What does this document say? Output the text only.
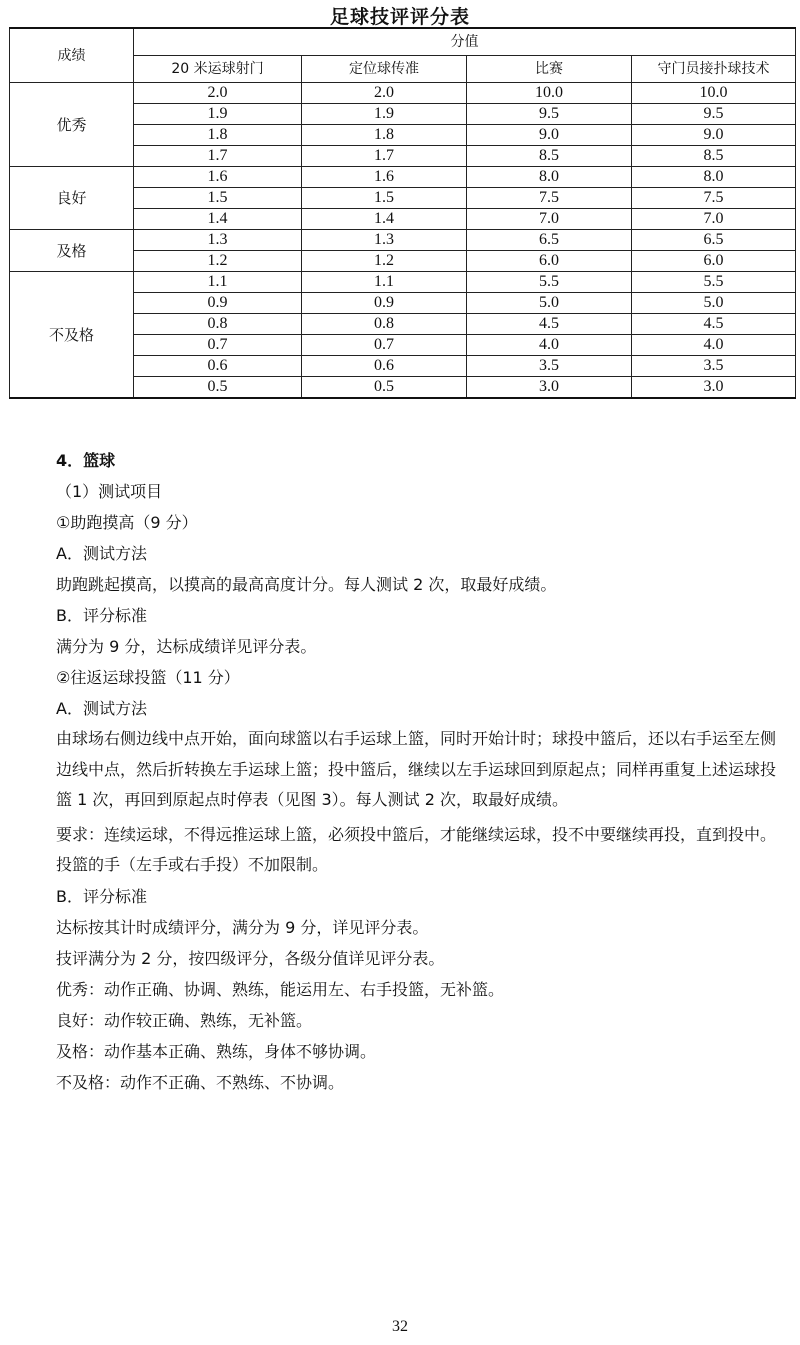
足球技评评分表
成绩	分值			
	20 米运球射门	定位球传准	比赛	守门员接扑球技术
优秀	2.0	2.0	10.0	10.0
	1.9	1.9	9.5	9.5
	1.8	1.8	9.0	9.0
	1.7	1.7	8.5	8.5
良好	1.6	1.6	8.0	8.0
	1.5	1.5	7.5	7.5
	1.4	1.4	7.0	7.0
及格	1.3	1.3	6.5	6.5
	1.2	1.2	6.0	6.0
不及格	1.1	1.1	5.5	5.5
	0.9	0.9	5.0	5.0
	0.8	0.8	4.5	4.5
	0.7	0.7	4.0	4.0
	0.6	0.6	3.5	3.5
	0.5	0.5	3.0	3.0
4．篮球
（1）测试项目
①助跑摸高（9 分）
A．测试方法
助跑跳起摸高，以摸高的最高高度计分。每人测试 2 次，取最好成绩。
B．评分标准
满分为 9 分，达标成绩详见评分表。
②往返运球投篮（11 分）
A．测试方法
由球场右侧边线中点开始，面向球篮以右手运球上篮，同时开始计时；球投中篮后，还以右手运至左侧边线中点，然后折转换左手运球上篮；投中篮后，继续以左手运球回到原起点；同样再重复上述运球投篮 1 次，再回到原起点时停表（见图 3）。每人测试 2 次，取最好成绩。
要求：连续运球，不得远推运球上篮，必须投中篮后，才能继续运球，投不中要继续再投，直到投中。投篮的手（左手或右手投）不加限制。
B．评分标准
达标按其计时成绩评分，满分为 9 分，详见评分表。
技评满分为 2 分，按四级评分，各级分值详见评分表。
优秀：动作正确、协调、熟练，能运用左、右手投篮，无补篮。
良好：动作较正确、熟练，无补篮。
及格：动作基本正确、熟练，身体不够协调。
不及格：动作不正确、不熟练、不协调。
32
